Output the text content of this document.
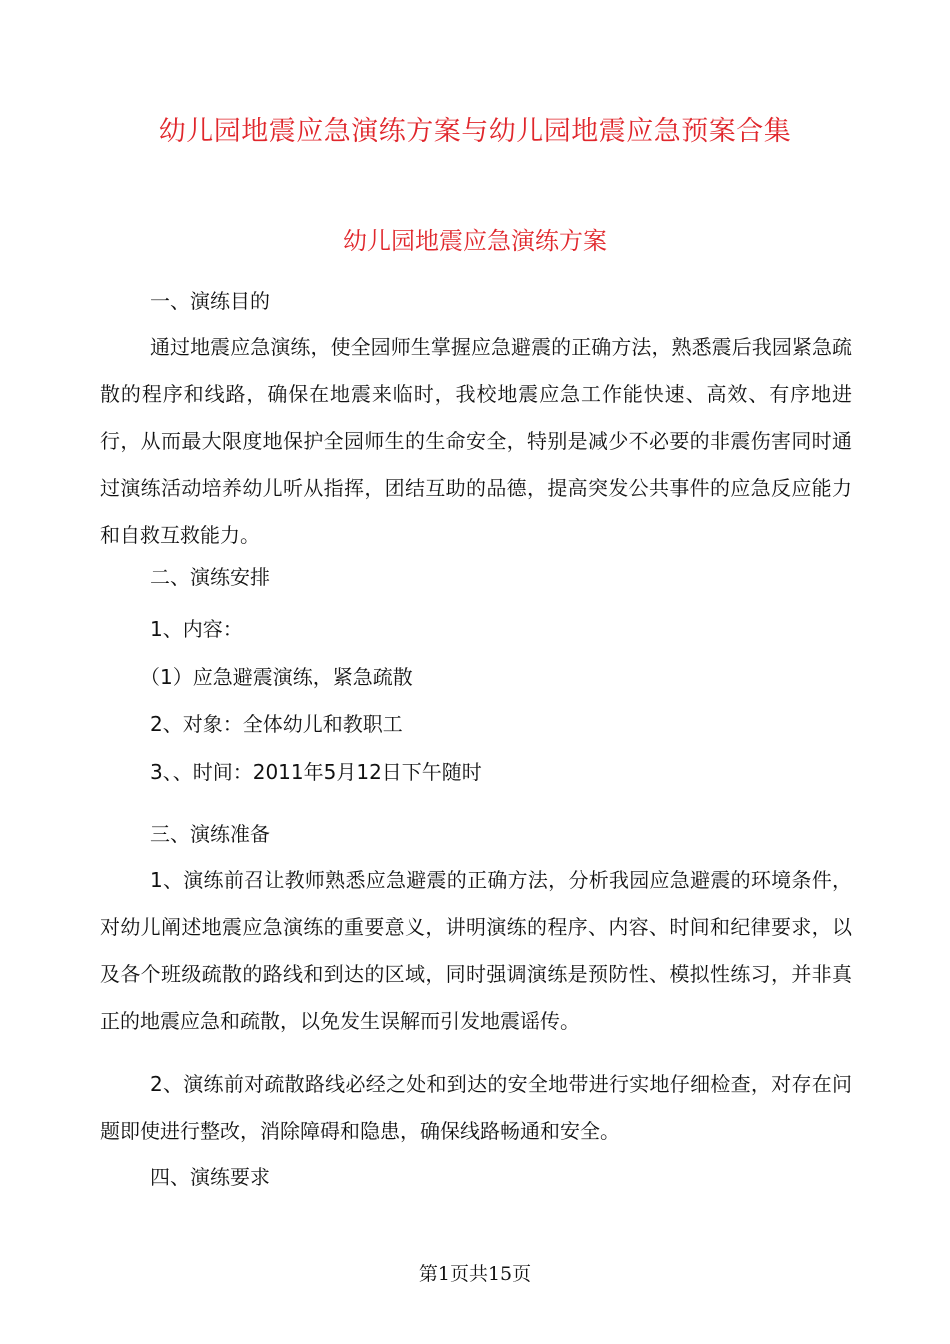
幼儿园地震应急演练方案与幼儿园地震应急预案合集
幼儿园地震应急演练方案

一、演练目的

通过地震应急演练，使全园师生掌握应急避震的正确方法，熟悉震后我园紧急疏散的程序和线路，确保在地震来临时，我校地震应急工作能快速、高效、有序地进行，从而最大限度地保护全园师生的生命安全，特别是减少不必要的非震伤害同时通过演练活动培养幼儿听从指挥，团结互助的品德，提高突发公共事件的应急反应能力和自救互救能力。

二、演练安排

1、内容：

（1）应急避震演练，紧急疏散

2、对象：全体幼儿和教职工

3、、时间：2011年5月12日下午随时

三、演练准备

1、演练前召让教师熟悉应急避震的正确方法，分析我园应急避震的环境条件，对幼儿阐述地震应急演练的重要意义，讲明演练的程序、内容、时间和纪律要求，以及各个班级疏散的路线和到达的区域，同时强调演练是预防性、模拟性练习，并非真正的地震应急和疏散，以免发生误解而引发地震谣传。

2、演练前对疏散路线必经之处和到达的安全地带进行实地仔细检查，对存在问题即使进行整改，消除障碍和隐患，确保线路畅通和安全。

四、演练要求

第1页共15页
